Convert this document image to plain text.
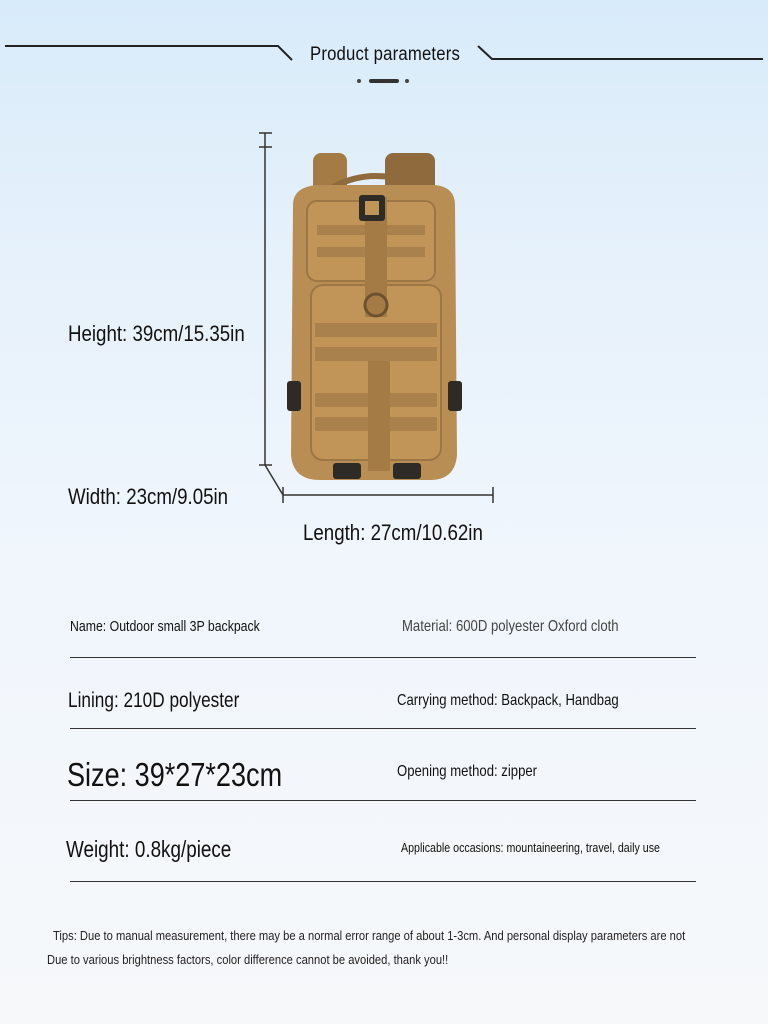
Product parameters
Height: 39cm/15.35in
Width: 23cm/9.05in
Length: 27cm/10.62in
Name: Outdoor small 3P backpack	Material: 600D polyester Oxford cloth
Lining: 210D polyester	Carrying method: Backpack, Handbag
Size: 39*27*23cm	Opening method: zipper
Weight: 0.8kg/piece	Applicable occasions: mountaineering, travel, daily use
Tips: Due to manual measurement, there may be a normal error range of about 1-3cm. And personal display parameters are not
Due to various brightness factors, color difference cannot be avoided, thank you!!
